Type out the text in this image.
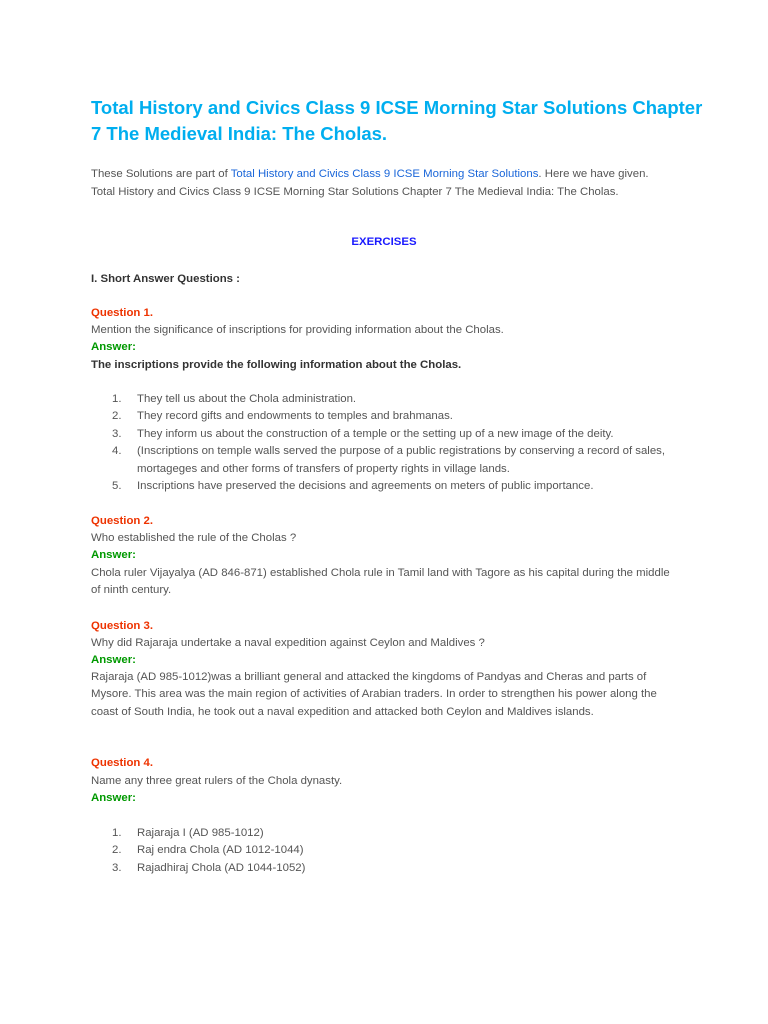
Total History and Civics Class 9 ICSE Morning Star Solutions Chapter 7 The Medieval India: The Cholas.

These Solutions are part of Total History and Civics Class 9 ICSE Morning Star Solutions. Here we have given. Total History and Civics Class 9 ICSE Morning Star Solutions Chapter 7 The Medieval India: The Cholas.

EXERCISES

I. Short Answer Questions :

Question 1.

Mention the significance of inscriptions for providing information about the Cholas.

Answer:

The inscriptions provide the following information about the Cholas.

1.	They tell us about the Chola administration.
2.	They record gifts and endowments to temples and brahmanas.
3.	They inform us about the construction of a temple or the setting up of a new image of the deity.
4.	(Inscriptions on temple walls served the purpose of a public registrations by conserving a record of sales, mortageges and other forms of transfers of property rights in village lands.
5.	Inscriptions have preserved the decisions and agreements on meters of public importance.

Question 2.

Who established the rule of the Cholas ?

Answer:

Chola ruler Vijayalya (AD 846-871) established Chola rule in Tamil land with Tagore as his capital during the middle of ninth century.

Question 3.

Why did Rajaraja undertake a naval expedition against Ceylon and Maldives ?

Answer:

Rajaraja (AD 985-1012)was a brilliant general and attacked the kingdoms of Pandyas and Cheras and parts of Mysore. This area was the main region of activities of Arabian traders. In order to strengthen his power along the coast of South India, he took out a naval expedition and attacked both Ceylon and Maldives islands.

Question 4.

Name any three great rulers of the Chola dynasty.

Answer:

1.	Rajaraja I (AD 985-1012)
2.	Raj endra Chola (AD 1012-1044)
3.	Rajadhiraj Chola (AD 1044-1052)
